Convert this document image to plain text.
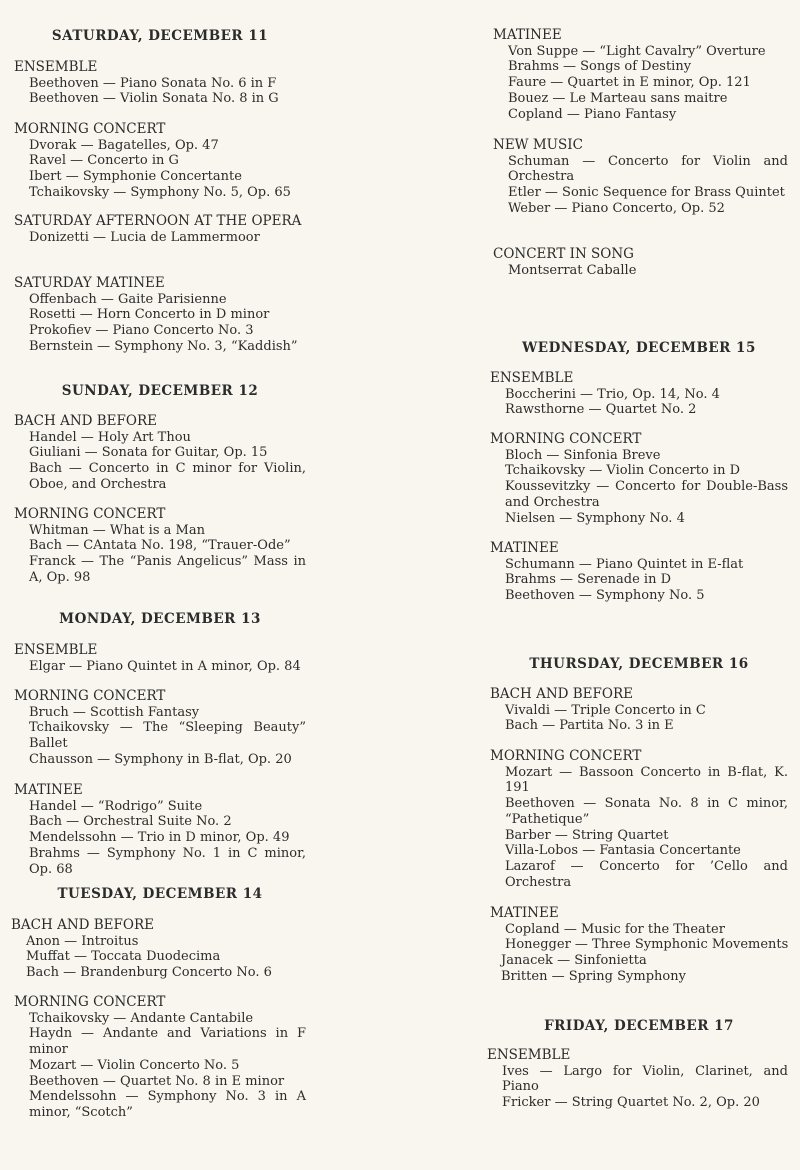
SATURDAY, DECEMBER 11
ENSEMBLE
Beethoven — Piano Sonata No. 6 in F
Beethoven — Violin Sonata No. 8 in G
MORNING CONCERT
Dvorak — Bagatelles, Op. 47
Ravel — Concerto in G
Ibert — Symphonie Concertante
Tchaikovsky — Symphony No. 5, Op. 65
SATURDAY AFTERNOON AT THE OPERA
Donizetti — Lucia de Lammermoor
SATURDAY MATINEE
Offenbach — Gaite Parisienne
Rosetti — Horn Concerto in D minor
Prokofiev — Piano Concerto No. 3
Bernstein — Symphony No. 3, “Kaddish”
SUNDAY, DECEMBER 12
BACH AND BEFORE
Handel — Holy Art Thou
Giuliani — Sonata for Guitar, Op. 15
Bach — Concerto in C minor for Violin, Oboe, and Orchestra
MORNING CONCERT
Whitman — What is a Man
Bach — CAntata No. 198, “Trauer-Ode”
Franck — The “Panis Angelicus” Mass in A, Op. 98
MONDAY, DECEMBER 13
ENSEMBLE
Elgar — Piano Quintet in A minor, Op. 84
MORNING CONCERT
Bruch — Scottish Fantasy
Tchaikovsky — The “Sleeping Beauty” Ballet
Chausson — Symphony in B-flat, Op. 20
MATINEE
Handel — “Rodrigo” Suite
Bach — Orchestral Suite No. 2
Mendelssohn — Trio in D minor, Op. 49
Brahms — Symphony No. 1 in C minor, Op. 68
TUESDAY, DECEMBER 14
BACH AND BEFORE
Anon — Introitus
Muffat — Toccata Duodecima
Bach — Brandenburg Concerto No. 6
MORNING CONCERT
Tchaikovsky — Andante Cantabile
Haydn — Andante and Variations in F minor
Mozart — Violin Concerto No. 5
Beethoven — Quartet No. 8 in E minor
Mendelssohn — Symphony No. 3 in A minor, “Scotch”
MATINEE
Von Suppe — “Light Cavalry” Overture
Brahms — Songs of Destiny
Faure — Quartet in E minor, Op. 121
Bouez — Le Marteau sans maitre
Copland — Piano Fantasy
NEW MUSIC
Schuman — Concerto for Violin and Orchestra
Etler — Sonic Sequence for Brass Quintet
Weber — Piano Concerto, Op. 52
CONCERT IN SONG
Montserrat Caballe
WEDNESDAY, DECEMBER 15
ENSEMBLE
Boccherini — Trio, Op. 14, No. 4
Rawsthorne — Quartet No. 2
MORNING CONCERT
Bloch — Sinfonia Breve
Tchaikovsky — Violin Concerto in D
Koussevitzky — Concerto for Double-Bass and Orchestra
Nielsen — Symphony No. 4
MATINEE
Schumann — Piano Quintet in E-flat
Brahms — Serenade in D
Beethoven — Symphony No. 5
THURSDAY, DECEMBER 16
BACH AND BEFORE
Vivaldi — Triple Concerto in C
Bach — Partita No. 3 in E
MORNING CONCERT
Mozart — Bassoon Concerto in B-flat, K. 191
Beethoven — Sonata No. 8 in C minor, “Pathetique”
Barber — String Quartet
Villa-Lobos — Fantasia Concertante
Lazarof — Concerto for ’Cello and Orchestra
MATINEE
Copland — Music for the Theater
Honegger — Three Symphonic Movements
Janacek — Sinfonietta
Britten — Spring Symphony
FRIDAY, DECEMBER 17
ENSEMBLE
Ives — Largo for Violin, Clarinet, and Piano
Fricker — String Quartet No. 2, Op. 20
